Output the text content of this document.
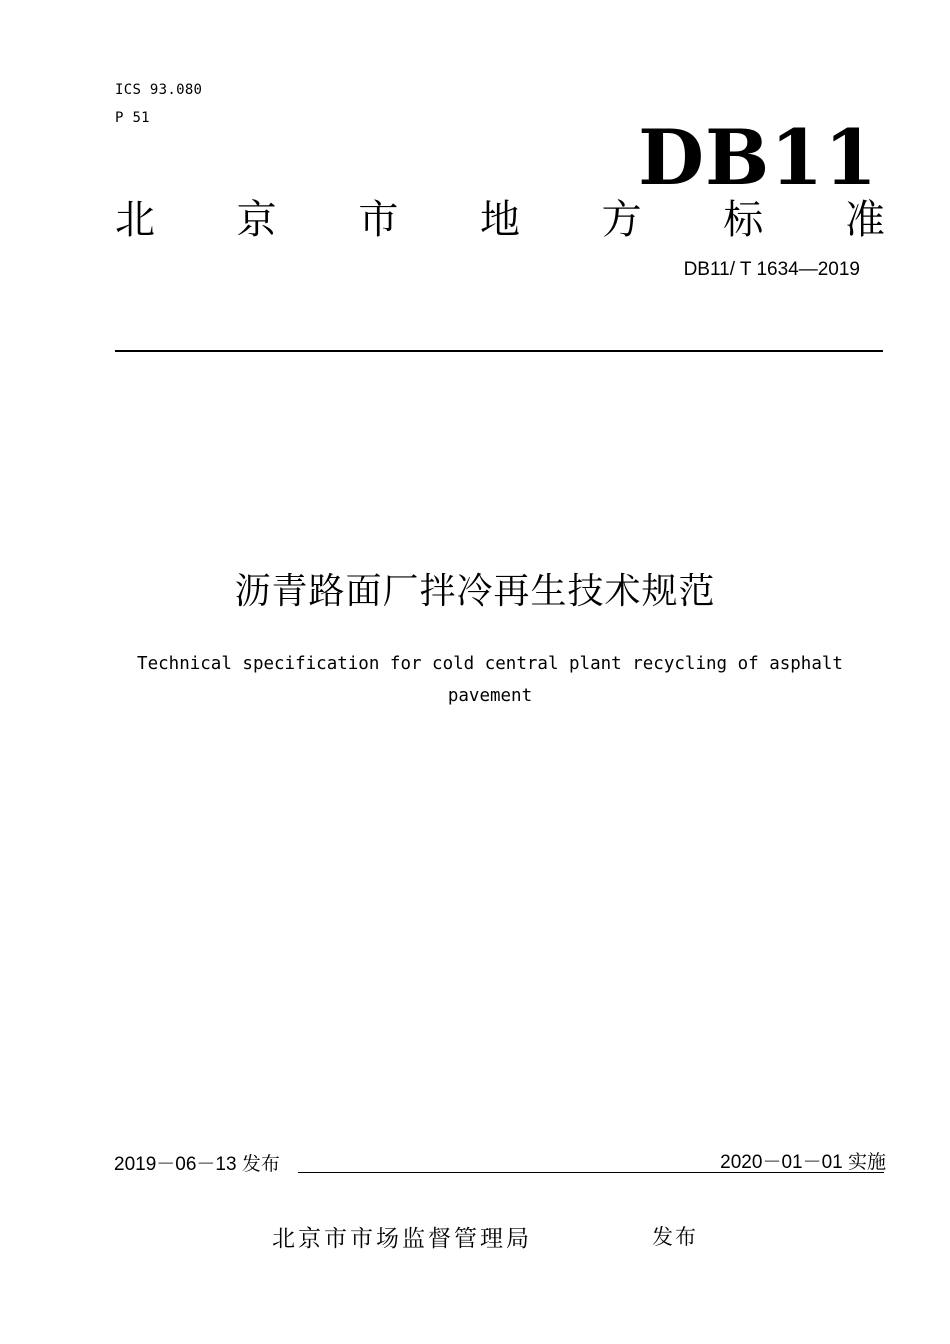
ICS 93.080
P 51	DB11
北 京 市 地 方 标 准
DB11/ T 1634—2019
沥青路面厂拌冷再生技术规范
Technical specification for cold central plant recycling of asphalt
pavement
2019－06－13 发布	2020－01－01 实施
北京市市场监督管理局	发布
